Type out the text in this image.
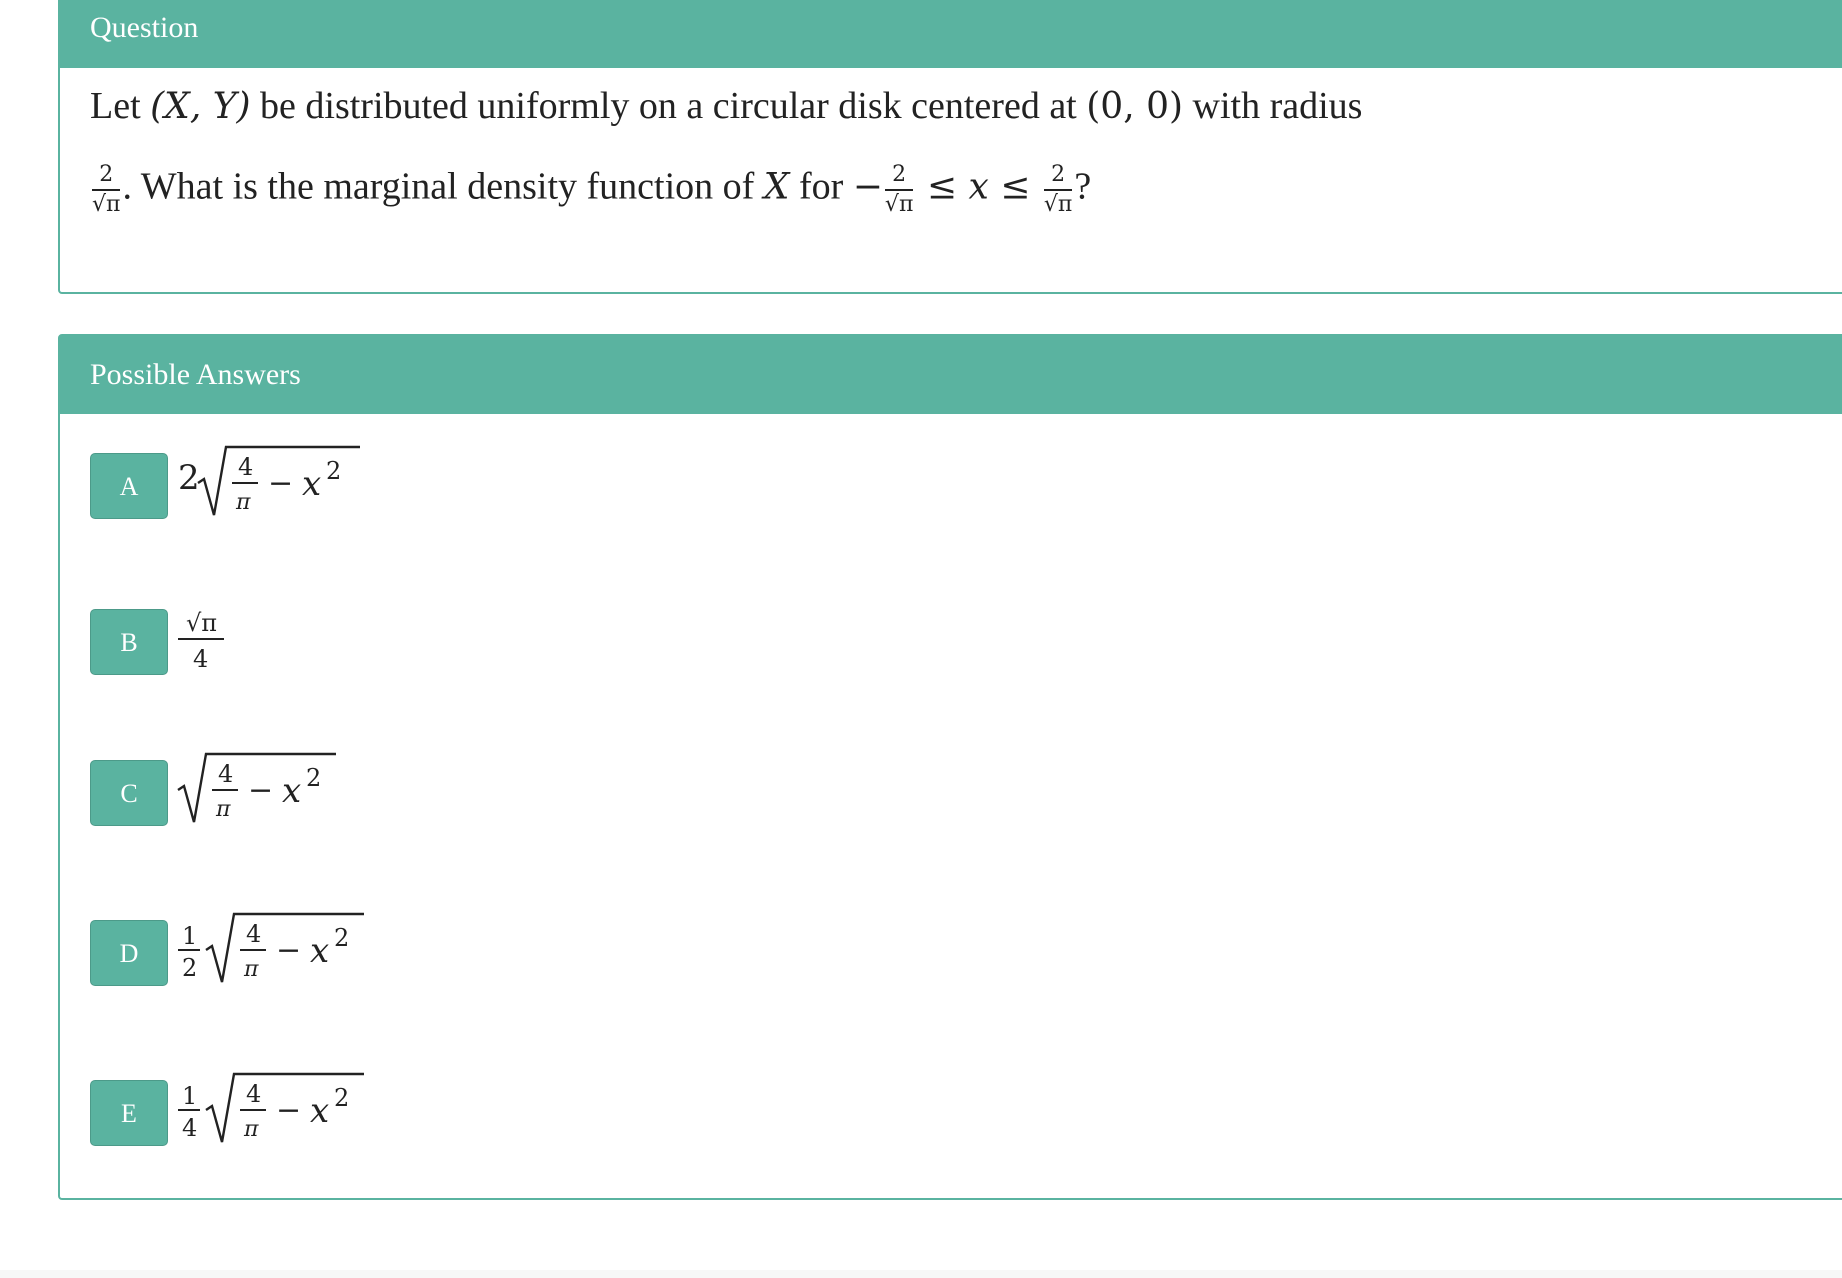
Question
Let (X, Y) be distributed uniformly on a circular disk centered at (0, 0) with radius
$\frac{2}{√\pi}$ . What is the marginal density function of X for − $\frac{2}{√\pi} \le x \le \frac{2}{√\pi}$ ?
Possible Answers
A	2 4
π
− x 2
B
√π
4
C
4
π
− x 2
D
1
2
4
π
− x 2
E
1
4
4
π
− x 2
